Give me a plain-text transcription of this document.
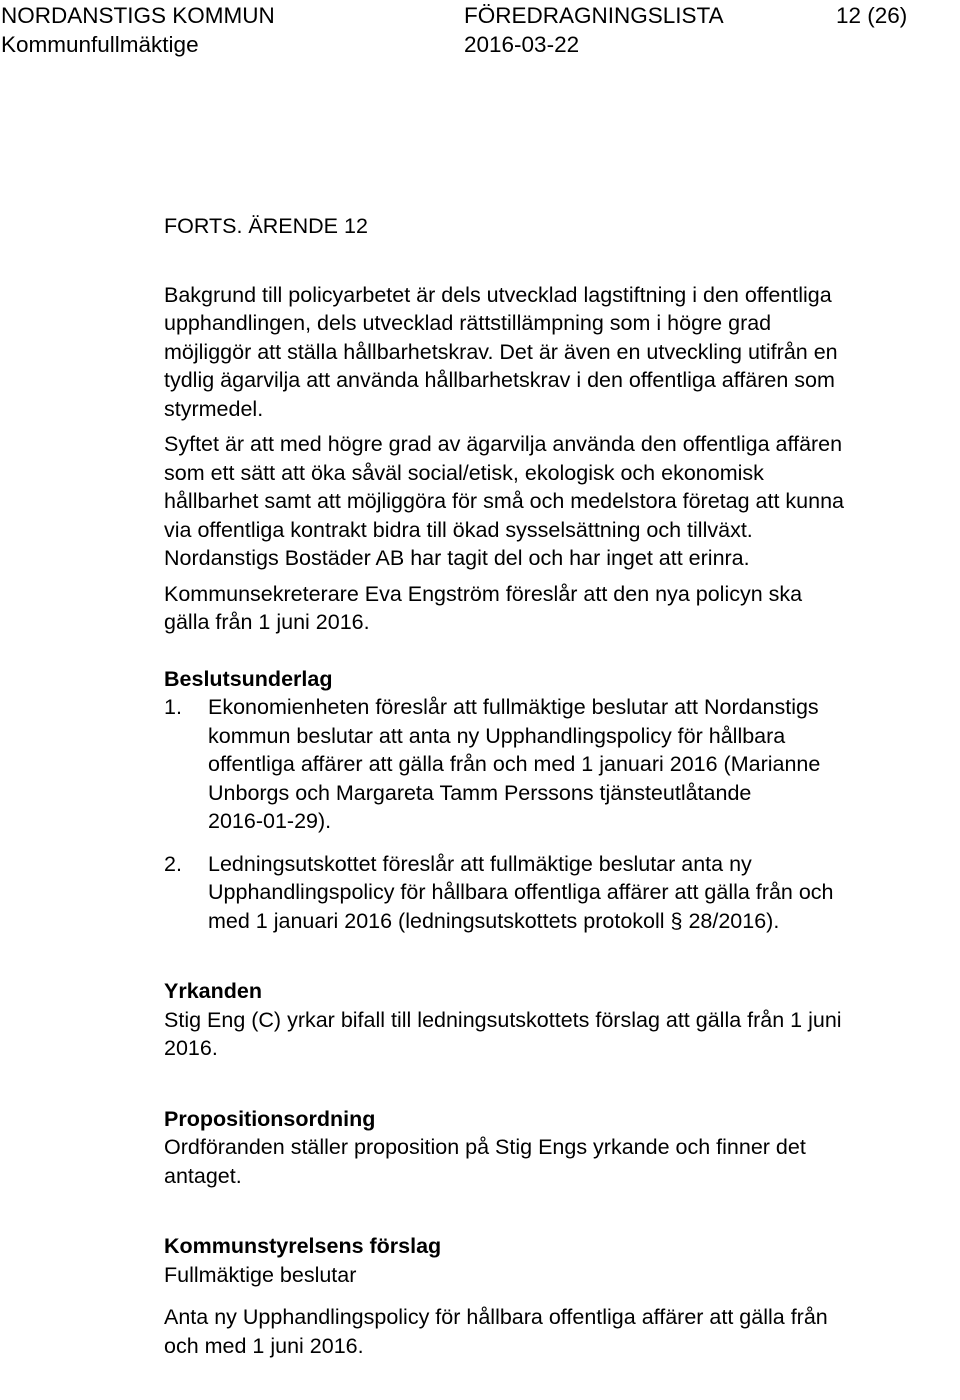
NORDANSTIGS KOMMUN	FÖREDRAGNINGSLISTA	12 (26)
Kommunfullmäktige	2016-03-22

FORTS. ÄRENDE 12

Bakgrund till policyarbetet är dels utvecklad lagstiftning i den offentliga
upphandlingen, dels utvecklad rättstillämpning som i högre grad
möjliggör att ställa hållbarhetskrav. Det är även en utveckling utifrån en
tydlig ägarvilja att använda hållbarhetskrav i den offentliga affären som
styrmedel.

Syftet är att med högre grad av ägarvilja använda den offentliga affären
som ett sätt att öka såväl social/etisk, ekologisk och ekonomisk
hållbarhet samt att möjliggöra för små och medelstora företag att kunna
via offentliga kontrakt bidra till ökad sysselsättning och tillväxt.
Nordanstigs Bostäder AB har tagit del och har inget att erinra.

Kommunsekreterare Eva Engström föreslår att den nya policyn ska
gälla från 1 juni 2016.

Beslutsunderlag

1. Ekonomienheten föreslår att fullmäktige beslutar att Nordanstigs
kommun beslutar att anta ny Upphandlingspolicy för hållbara
offentliga affärer att gälla från och med 1 januari 2016 (Marianne
Unborgs och Margareta Tamm Perssons tjänsteutlåtande
2016-01-29).
2. Ledningsutskottet föreslår att fullmäktige beslutar anta ny
Upphandlingspolicy för hållbara offentliga affärer att gälla från och
med 1 januari 2016 (ledningsutskottets protokoll § 28/2016).

Yrkanden

Stig Eng (C) yrkar bifall till ledningsutskottets förslag att gälla från 1 juni
2016.

Propositionsordning

Ordföranden ställer proposition på Stig Engs yrkande och finner det
antaget.

Kommunstyrelsens förslag

Fullmäktige beslutar

Anta ny Upphandlingspolicy för hållbara offentliga affärer att gälla från
och med 1 juni 2016.
